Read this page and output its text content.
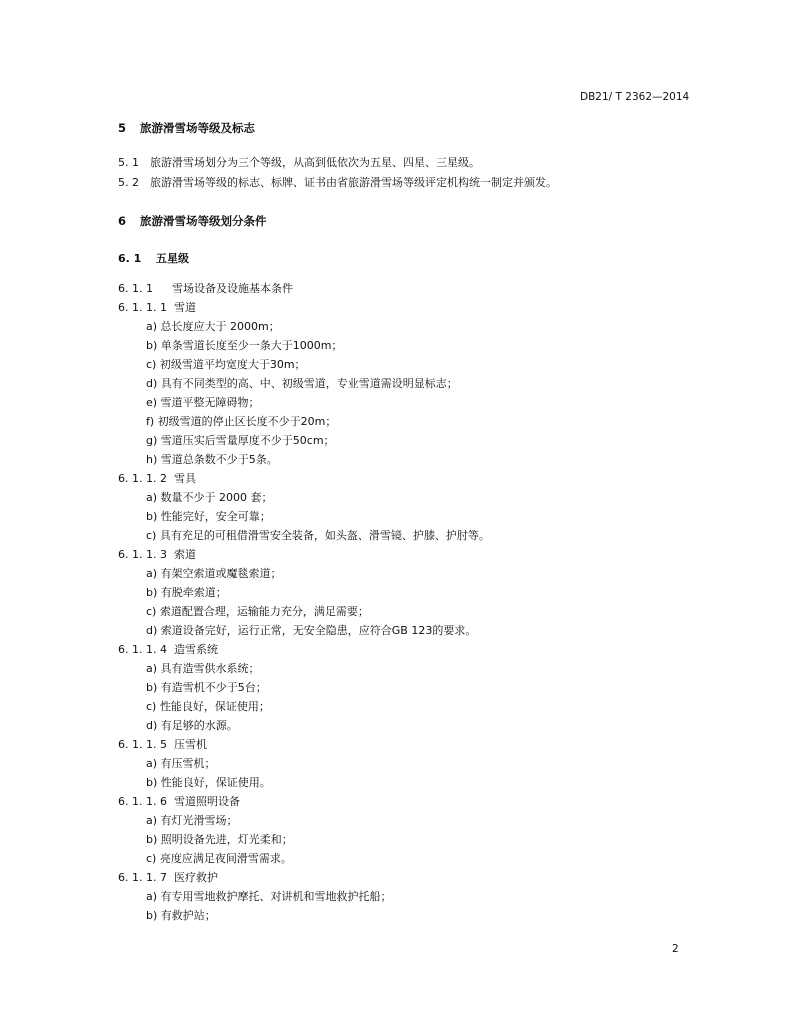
DB21/ T 2362—2014
5 旅游滑雪场等级及标志
5. 1 旅游滑雪场划分为三个等级，从高到低依次为五星、四星、三星级。
5. 2 旅游滑雪场等级的标志、标牌、证书由省旅游滑雪场等级评定机构统一制定并颁发。
6 旅游滑雪场等级划分条件
6. 1 五星级
6. 1. 1 雪场设备及设施基本条件
6. 1. 1. 1 雪道
a) 总长度应大于 2000m；
b) 单条雪道长度至少一条大于1000m；
c) 初级雪道平均宽度大于30m；
d) 具有不同类型的高、中、初级雪道，专业雪道需设明显标志；
e) 雪道平整无障碍物；
f) 初级雪道的停止区长度不少于20m；
g) 雪道压实后雪量厚度不少于50cm；
h) 雪道总条数不少于5条。
6. 1. 1. 2 雪具
a) 数量不少于 2000 套；
b) 性能完好，安全可靠；
c) 具有充足的可租借滑雪安全装备，如头盔、滑雪镜、护膝、护肘等。
6. 1. 1. 3 索道
a) 有架空索道或魔毯索道；
b) 有脱牵索道；
c) 索道配置合理，运输能力充分，满足需要；
d) 索道设备完好，运行正常，无安全隐患，应符合GB 123的要求。
6. 1. 1. 4 造雪系统
a) 具有造雪供水系统；
b) 有造雪机不少于5台；
c) 性能良好，保证使用；
d) 有足够的水源。
6. 1. 1. 5 压雪机
a) 有压雪机；
b) 性能良好，保证使用。
6. 1. 1. 6 雪道照明设备
a) 有灯光滑雪场；
b) 照明设备先进，灯光柔和；
c) 亮度应满足夜间滑雪需求。
6. 1. 1. 7 医疗救护
a) 有专用雪地救护摩托、对讲机和雪地救护托船；
b) 有救护站；
2
